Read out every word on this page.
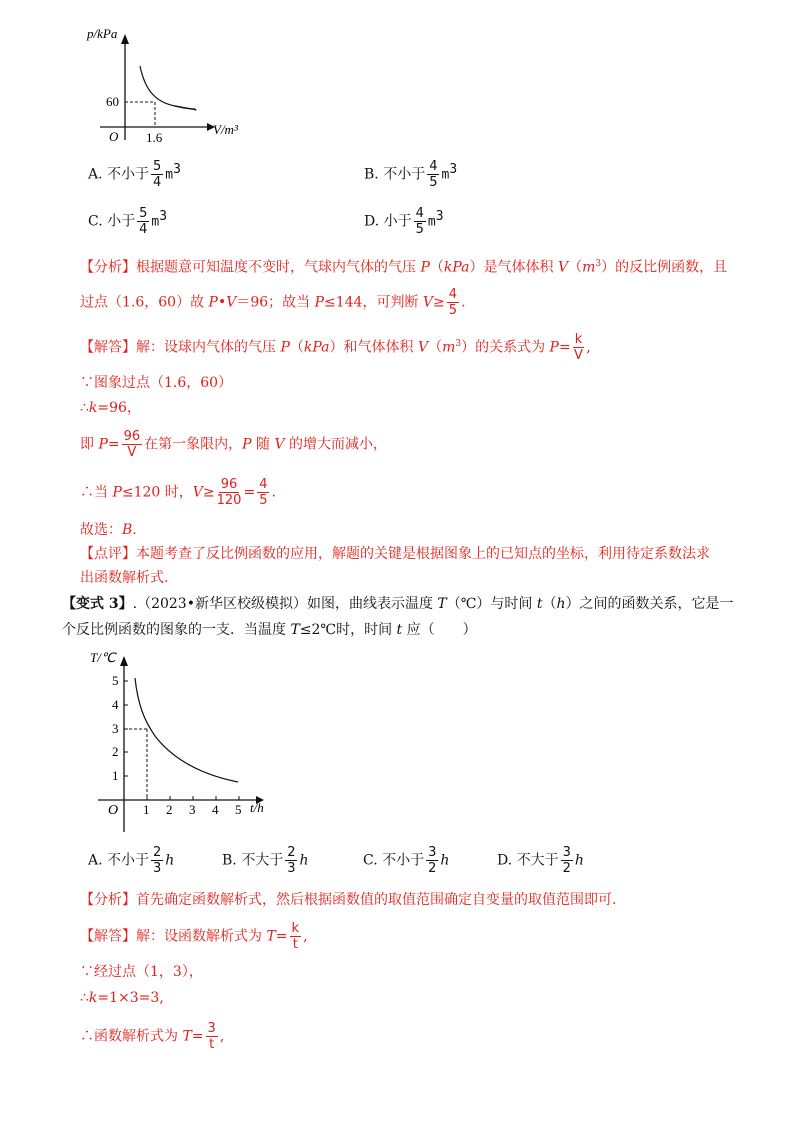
p/kPa
V/m³
O
60
1.6
A. 不小于 $\frac{5}{4} m^3$	B. 不小于 $\frac{4}{5} m^3$
C. 小于 $\frac{5}{4} m^3$	D. 小于 $\frac{4}{5} m^3$
【分析】根据题意可知温度不变时，气球内气体的气压 P（kPa）是气体体积 $V(m^3)$的反比例函数，且
过点（1.6，60）故 P•V＝96；故当 P≤144，可判断 $V\ge \frac{4}{5}$ .
【解答】解：设球内气体的气压 P（kPa）和气体体积 $V(m^3)$的关系式为 $P= \frac{k}{V}$ ,
∵图象过点（1.6，60）
∴k=96，
即 $P= \frac{96}{V}$ 在第一象限内，P 随 V 的增大而减小，
∴当 P≤120 时，$V\ge \frac{96}{120} = \frac{4}{5}$ .
故选：B.
【点评】本题考查了反比例函数的应用，解题的关键是根据图象上的已知点的坐标，利用待定系数法求
出函数解析式.
【变式 3】.（2023•新华区校级模拟）如图，曲线表示温度 T（℃）与时间 t（h）之间的函数关系，它是一
个反比例函数的图象的一支．当温度 T≤2℃时，时间 t 应（　　）
T/℃
t/h
O
1
2
3
4
5
1 2 3 4 5
A. 不小于 $\frac{2}{3}$ h	B. 不大于 $\frac{2}{3}$ h	C. 不小于 $\frac{3}{2}$ h	D. 不大于 $\frac{3}{2}$ h
【分析】首先确定函数解析式，然后根据函数值的取值范围确定自变量的取值范围即可.
【解答】解：设函数解析式为 $T= \frac{k}{t}$ ,
∵经过点（1，3），
∴k=1×3=3,
∴函数解析式为 $T= \frac{3}{t}$ ,
